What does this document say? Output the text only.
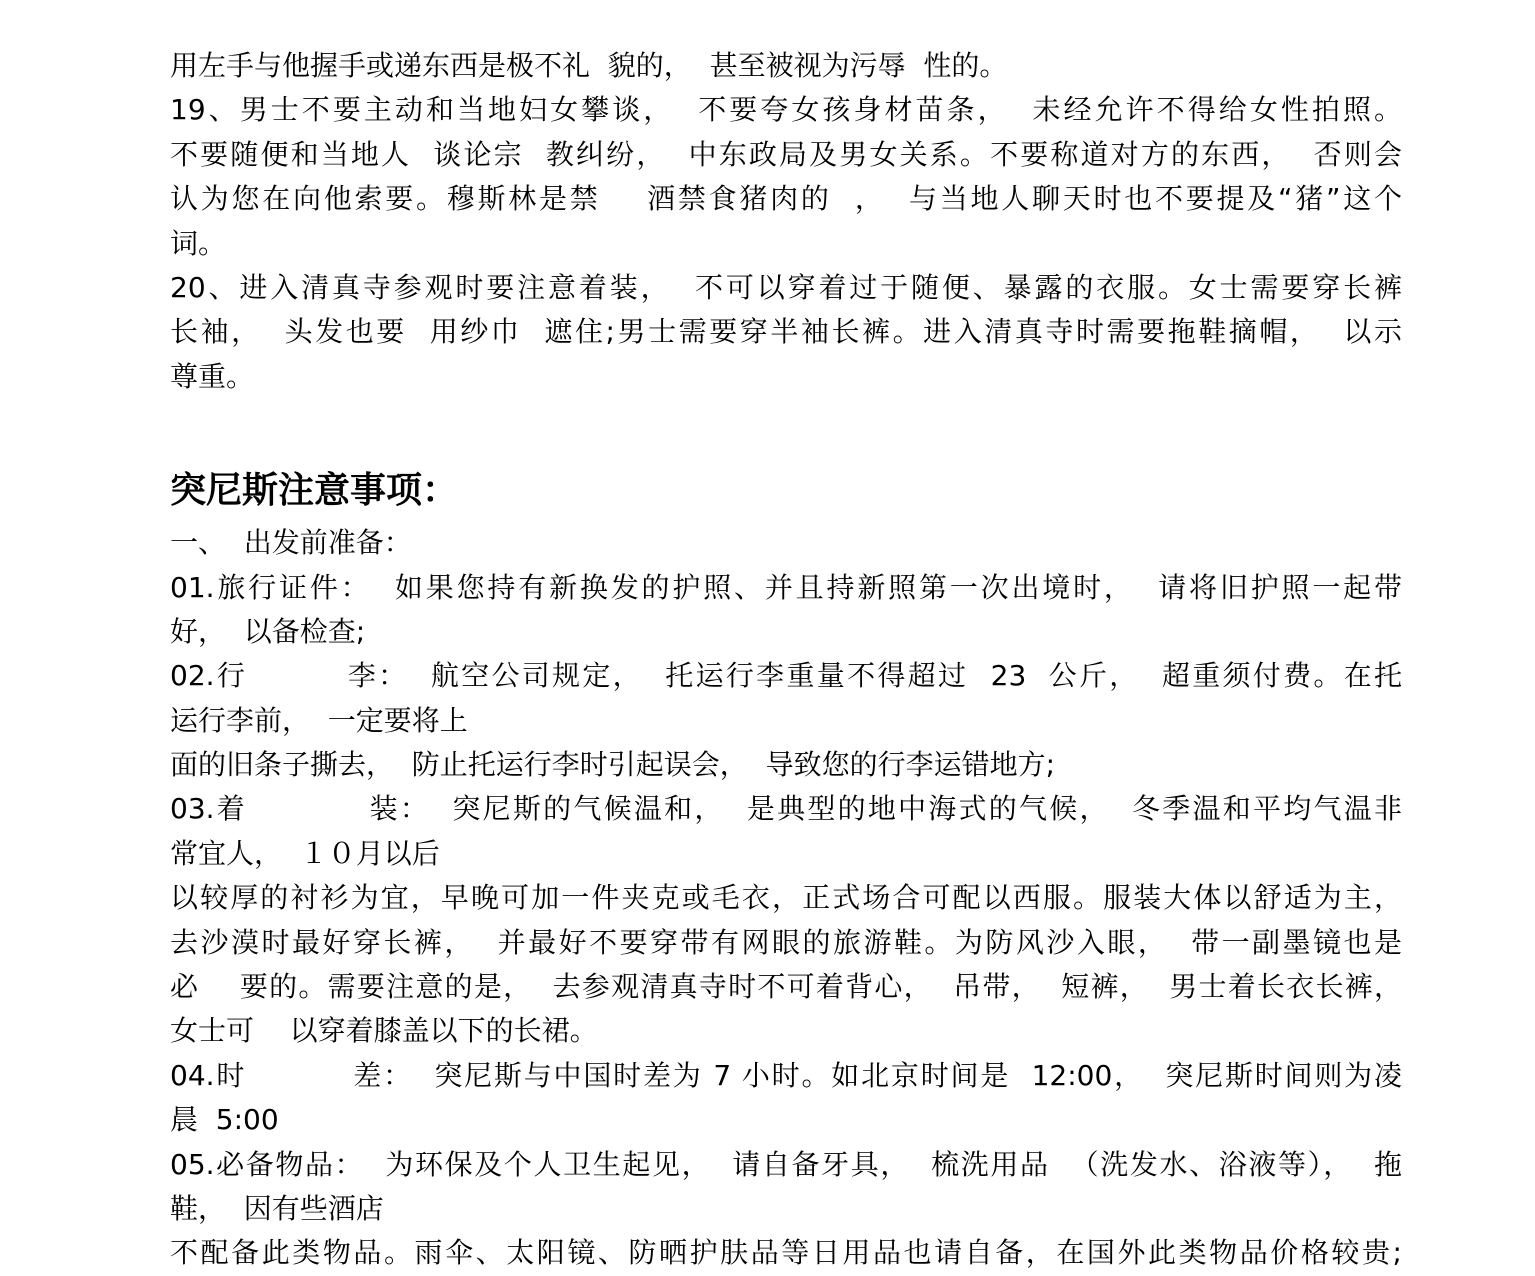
用左手与他握手或递东西是极不礼  貌的，  甚至被视为污辱  性的。
19、男士不要主动和当地妇女攀谈，  不要夸女孩身材苗条，  未经允许不得给女性拍照。
不要随便和当地人  谈论宗  教纠纷，  中东政局及男女关系。不要称道对方的东西，  否则会
认为您在向他索要。穆斯林是禁    酒禁食猪肉的  ，  与当地人聊天时也不要提及“猪”这个
词。
20、进入清真寺参观时要注意着装，  不可以穿着过于随便、暴露的衣服。女士需要穿长裤
长袖，  头发也要  用纱巾  遮住;男士需要穿半袖长裤。进入清真寺时需要拖鞋摘帽，  以示
尊重。
突尼斯注意事项：
一、  出发前准备：
01.旅行证件：  如果您持有新换发的护照、并且持新照第一次出境时，  请将旧护照一起带
好，  以备检查;
02.行         李：  航空公司规定，  托运行李重量不得超过  23  公斤，  超重须付费。在托
运行李前，  一定要将上
面的旧条子撕去，  防止托运行李时引起误会，  导致您的行李运错地方;
03.着           装：  突尼斯的气候温和，  是典型的地中海式的气候，  冬季温和平均气温非
常宜人，  １０月以后
以较厚的衬衫为宜，早晚可加一件夹克或毛衣，正式场合可配以西服。服装大体以舒适为主，
去沙漠时最好穿长裤，  并最好不要穿带有网眼的旅游鞋。为防风沙入眼，  带一副墨镜也是
必    要的。需要注意的是，  去参观清真寺时不可着背心，  吊带，  短裤，  男士着长衣长裤，
女士可    以穿着膝盖以下的长裙。
04.时          差：  突尼斯与中国时差为 7 小时。如北京时间是  12:00，  突尼斯时间则为凌
晨  5:00
05.必备物品：  为环保及个人卫生起见，  请自备牙具，  梳洗用品  （洗发水、浴液等），  拖
鞋，  因有些酒店
不配备此类物品。雨伞、太阳镜、防晒护肤品等日用品也请自备，在国外此类物品价格较贵;
